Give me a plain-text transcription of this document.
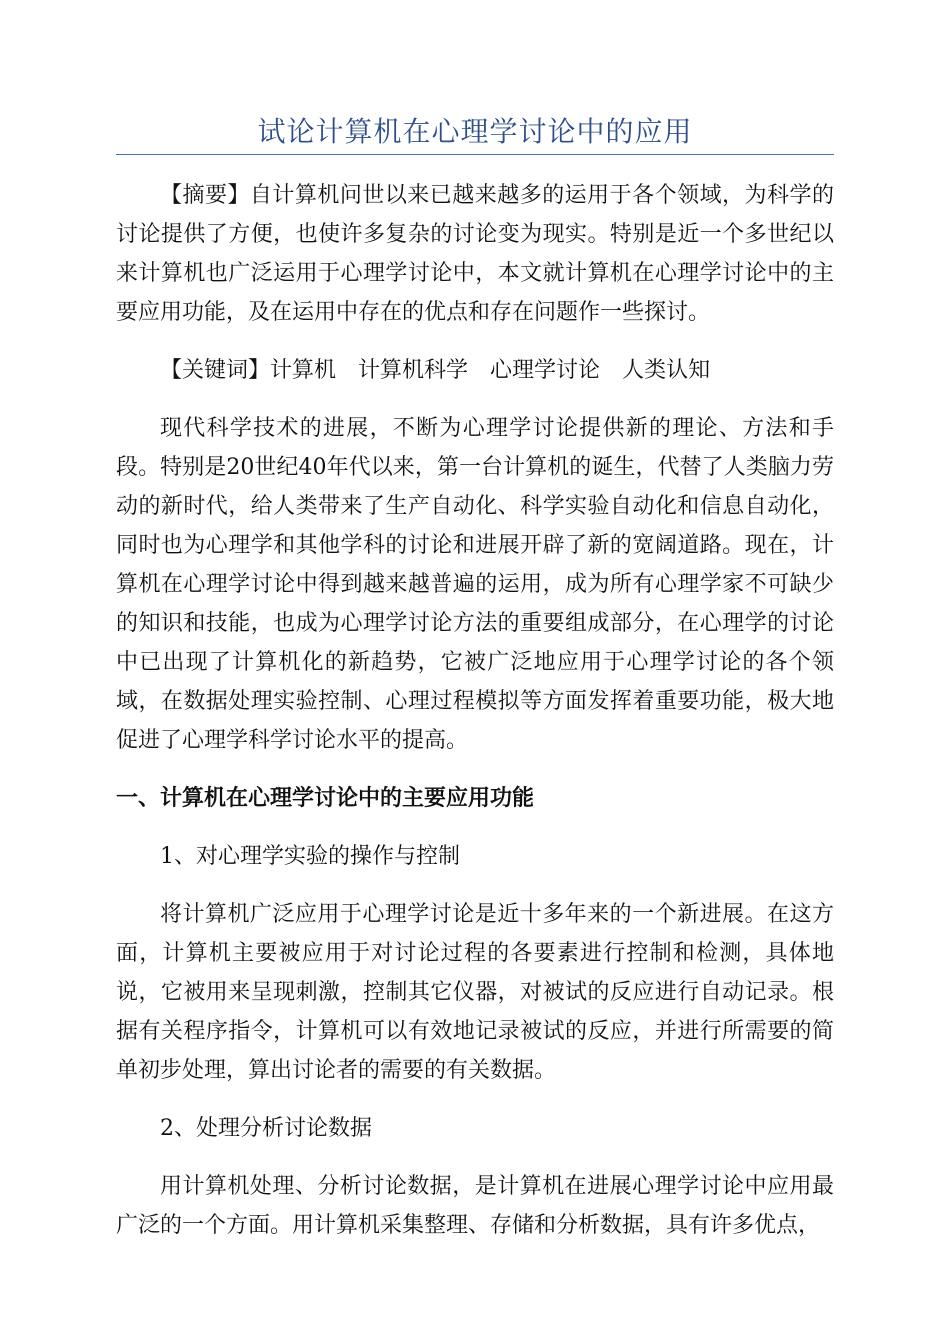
试论计算机在心理学讨论中的应用

【摘要】自计算机问世以来已越来越多的运用于各个领域，为科学的讨论提供了方便，也使许多复杂的讨论变为现实。特别是近一个多世纪以来计算机也广泛运用于心理学讨论中，本文就计算机在心理学讨论中的主要应用功能，及在运用中存在的优点和存在问题作一些探讨。

【关键词】计算机 计算机科学 心理学讨论 人类认知

现代科学技术的进展，不断为心理学讨论提供新的理论、方法和手段。特别是20世纪40年代以来，第一台计算机的诞生，代替了人类脑力劳动的新时代，给人类带来了生产自动化、科学实验自动化和信息自动化，同时也为心理学和其他学科的讨论和进展开辟了新的宽阔道路。现在，计算机在心理学讨论中得到越来越普遍的运用，成为所有心理学家不可缺少的知识和技能，也成为心理学讨论方法的重要组成部分，在心理学的讨论中已出现了计算机化的新趋势，它被广泛地应用于心理学讨论的各个领域，在数据处理实验控制、心理过程模拟等方面发挥着重要功能，极大地促进了心理学科学讨论水平的提高。

一、计算机在心理学讨论中的主要应用功能

1、对心理学实验的操作与控制

将计算机广泛应用于心理学讨论是近十多年来的一个新进展。在这方面，计算机主要被应用于对讨论过程的各要素进行控制和检测，具体地说，它被用来呈现刺激，控制其它仪器，对被试的反应进行自动记录。根据有关程序指令，计算机可以有效地记录被试的反应，并进行所需要的简单初步处理，算出讨论者的需要的有关数据。

2、处理分析讨论数据

用计算机处理、分析讨论数据，是计算机在进展心理学讨论中应用最广泛的一个方面。用计算机采集整理、存储和分析数据，具有许多优点，
